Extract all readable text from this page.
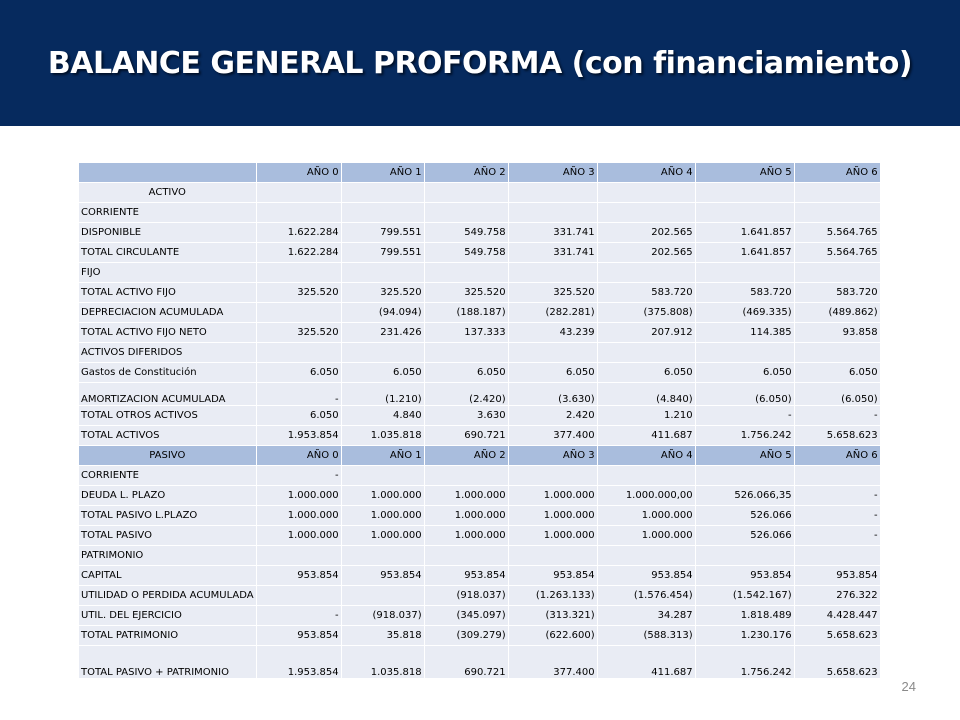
BALANCE GENERAL PROFORMA (con financiamiento)
	AÑO 0	AÑO 1	AÑO 2	AÑO 3	AÑO 4	AÑO 5	AÑO 6
ACTIVO							
CORRIENTE							
DISPONIBLE	1.622.284	799.551	549.758	331.741	202.565	1.641.857	5.564.765
TOTAL CIRCULANTE	1.622.284	799.551	549.758	331.741	202.565	1.641.857	5.564.765
FIJO							
TOTAL ACTIVO FIJO	325.520	325.520	325.520	325.520	583.720	583.720	583.720
DEPRECIACION ACUMULADA		(94.094)	(188.187)	(282.281)	(375.808)	(469.335)	(489.862)
TOTAL ACTIVO FIJO NETO	325.520	231.426	137.333	43.239	207.912	114.385	93.858
ACTIVOS DIFERIDOS							
Gastos de Constitución	6.050	6.050	6.050	6.050	6.050	6.050	6.050
AMORTIZACION ACUMULADA	-	(1.210)	(2.420)	(3.630)	(4.840)	(6.050)	(6.050)
TOTAL OTROS ACTIVOS	6.050	4.840	3.630	2.420	1.210	-	-
TOTAL ACTIVOS	1.953.854	1.035.818	690.721	377.400	411.687	1.756.242	5.658.623
PASIVO	AÑO 0	AÑO 1	AÑO 2	AÑO 3	AÑO 4	AÑO 5	AÑO 6
CORRIENTE	-						
DEUDA L. PLAZO	1.000.000	1.000.000	1.000.000	1.000.000	1.000.000,00	526.066,35	-
TOTAL PASIVO L.PLAZO	1.000.000	1.000.000	1.000.000	1.000.000	1.000.000	526.066	-
TOTAL PASIVO	1.000.000	1.000.000	1.000.000	1.000.000	1.000.000	526.066	-
PATRIMONIO							
CAPITAL	953.854	953.854	953.854	953.854	953.854	953.854	953.854
UTILIDAD O PERDIDA ACUMULADA			(918.037)	(1.263.133)	(1.576.454)	(1.542.167)	276.322
UTIL. DEL EJERCICIO	-	(918.037)	(345.097)	(313.321)	34.287	1.818.489	4.428.447
TOTAL PATRIMONIO	953.854	35.818	(309.279)	(622.600)	(588.313)	1.230.176	5.658.623
TOTAL PASIVO + PATRIMONIO	1.953.854	1.035.818	690.721	377.400	411.687	1.756.242	5.658.623
24
